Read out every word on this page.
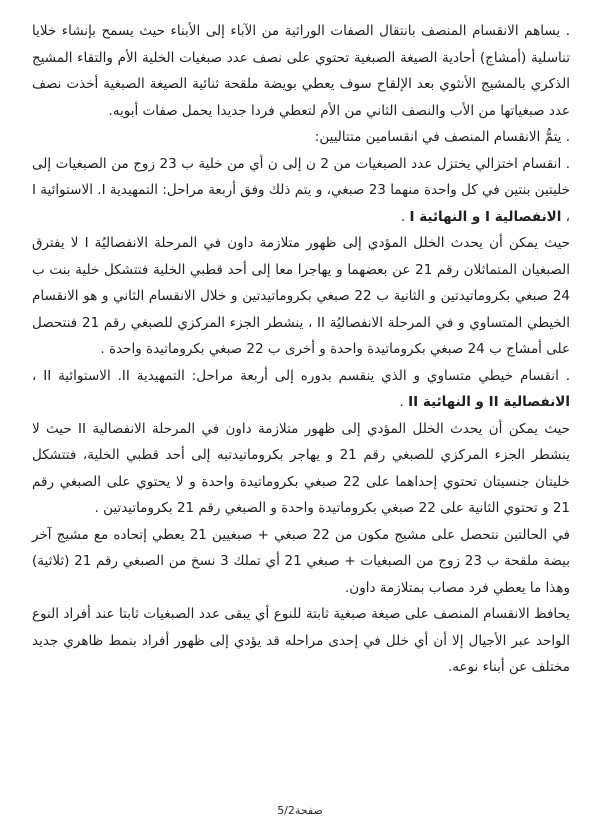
. يساهم الانقسام المنصف بانتقال الصفات الوراثية من الآباء إلى الأبناء حيث يسمح بإنشاء خلايا تناسلية (أمشاج) أحادية الصيغة الصبغية تحتوي على نصف عدد صبغيات الخلية الأم والتقاء المشيج الذكري بالمشيج الأنثوي بعد الإلقاح سوف يعطي بويضة ملقحة ثنائية الصيغة الصبغية أخذت نصف عدد صبغياتها من الأب والنصف الثاني من الأم لتعطي فردا جديدا يحمل صفات أبويه.

. يتمُّ الانقسام المنصف في انقسامين متتاليين:

. انقسام اختزالي يختزل عدد الصبغيات من 2 ن إلى ن أي من خلية ب 23 زوج من الصبغيات إلى خليتين بنتين في كل واحدة منهما 23 صبغي، و يتم ذلك وفق أربعة مراحل: التمهيدية I. الاستوائية I ، الانفصالية I و النهائية I .

حيث يمكن أن يحدث الخلل المؤدي إلى ظهور متلازمة داون في المرحلة الانفصاليُة I لا يفترق الصبغيان المتماثلان رقم 21 عن بعضهما و يهاجرا معا إلى أحد قطبي الخلية فتتشكل خلية بنت ب 24 صبغي بكروماتيدتين و الثانية ب 22 صبغي بكروماتيدتين و خلال الانقسام الثاني و هو الانقسام الخيطي المتساوي و في المرحلة الانفصاليُة II ، ينشطر الجزء المركزي للصبغي رقم 21 فنتحصل على أمشاج ب 24 صبغي بكروماتيدة واحدة و أخرى ب 22 صبغي بكروماتيدة واحدة .

. انقسام خيطي متساوي و الذي ينقسم بدوره إلى أربعة مراحل: التمهيدية II. الاستوائية II ، الانفصالية II و النهائية II .

حيث يمكن أن يحدث الخلل المؤدي إلى ظهور متلازمة داون في المرحلة الانفصالية II حيث لا ينشطر الجزء المركزي للصبغي رقم 21 و يهاجر بكروماتيدتيه إلى أحد قطبي الخلية، فتتشكل خليتان جنسيتان تحتوي إحداهما على 22 صبغي بكروماتيدة واحدة و لا يحتوي على الصبغي رقم 21 و تحتوي الثانية على 22 صبغي بكروماتيدة واحدة و الصبغي رقم 21 بكروماتيدتين .

في الحالتين نتحصل على مشيج مكون من 22 صبغي + صبغيين 21 يعطي إتحاده مع مشيج آخر بيضة ملقحة ب 23 زوج من الصبغيات + صبغي 21 أي تملك 3 نسخ من الصبغي رقم 21 (ثلاثية) وهذا ما يعطي فرد مصاب بمتلازمة داون.

يحافظ الانقسام المنصف على صيغة صبغية ثابتة للنوع أي يبقى عدد الصبغيات ثابتا عند أفراد النوع الواحد عبر الأجيال إلا أن أي خلل في إحدى مراحله قد يؤدي إلى ظهور أفراد بنمط ظاهري جديد مختلف عن أبناء نوعه.

صفحة5/2
